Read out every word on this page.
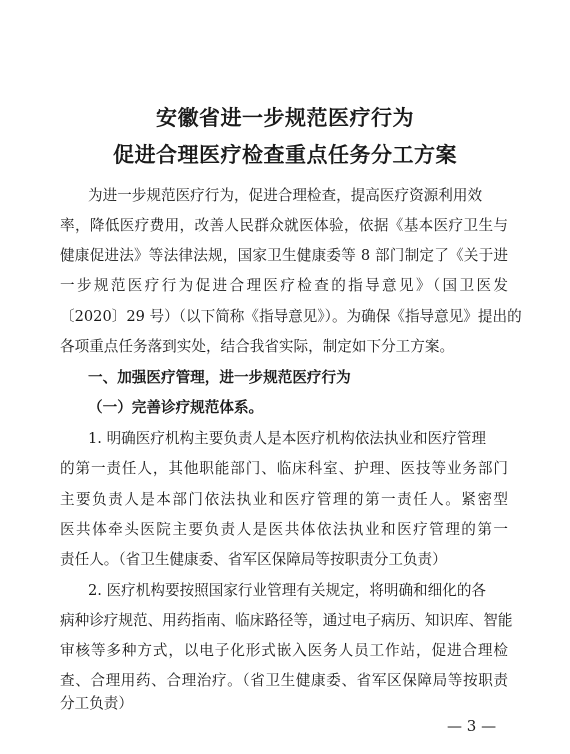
安徽省进一步规范医疗行为
促进合理医疗检查重点任务分工方案

为进一步规范医疗行为，促进合理检查，提高医疗资源利用效

率，降低医疗费用，改善人民群众就医体验，依据《基本医疗卫生与

健康促进法》等法律法规，国家卫生健康委等 8 部门制定了《关于进

一步规范医疗行为促进合理医疗检查的指导意见》（国卫医发

〔2020〕29 号）（以下简称《指导意见》）。为确保《指导意见》提出的

各项重点任务落到实处，结合我省实际，制定如下分工方案。

一、加强医疗管理，进一步规范医疗行为

（一）完善诊疗规范体系。

1. 明确医疗机构主要负责人是本医疗机构依法执业和医疗管理

的第一责任人，其他职能部门、临床科室、护理、医技等业务部门

主要负责人是本部门依法执业和医疗管理的第一责任人。紧密型

医共体牵头医院主要负责人是医共体依法执业和医疗管理的第一

责任人。（省卫生健康委、省军区保障局等按职责分工负责）

2. 医疗机构要按照国家行业管理有关规定，将明确和细化的各

病种诊疗规范、用药指南、临床路径等，通过电子病历、知识库、智能

审核等多种方式，以电子化形式嵌入医务人员工作站，促进合理检

查、合理用药、合理治疗。（省卫生健康委、省军区保障局等按职责

分工负责）

— 3 —
